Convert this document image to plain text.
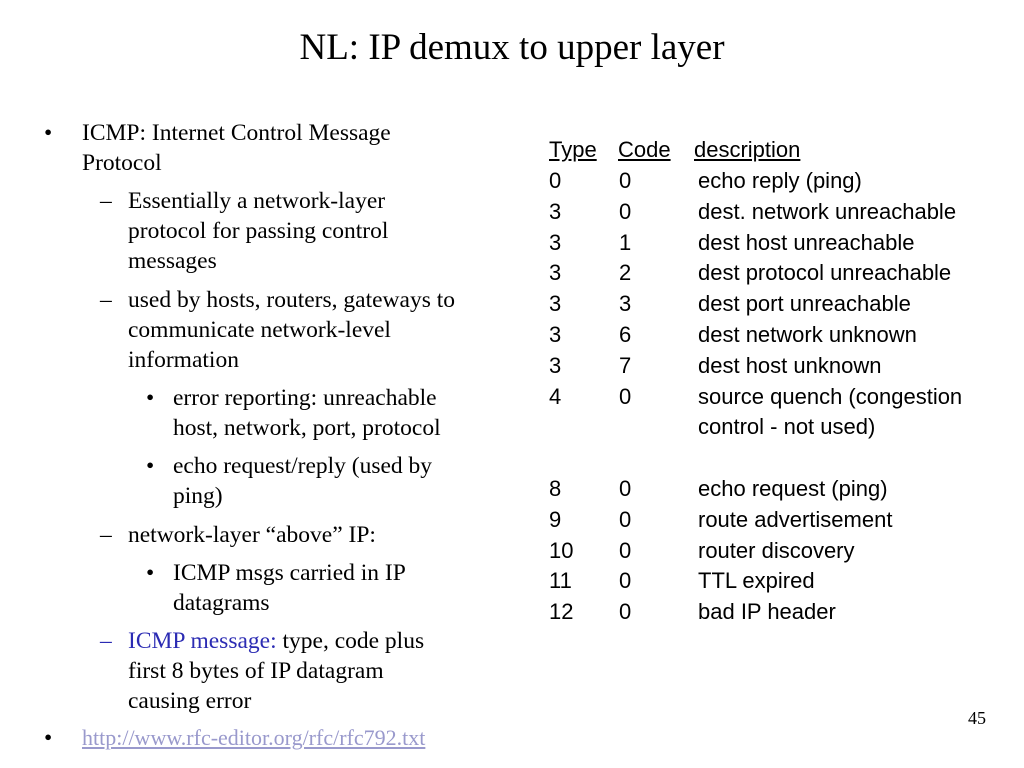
NL: IP demux to upper layer
• ICMP: Internet Control Message
Protocol
– Essentially a network-layer
protocol for passing control
messages
– used by hosts, routers, gateways to
communicate network-level
information
• error reporting: unreachable
host, network, port, protocol
• echo request/reply (used by
ping)
– network-layer “above” IP:
• ICMP msgs carried in IP
datagrams
– ICMP message: type, code plus
first 8 bytes of IP datagram
causing error
• http://www.rfc-editor.org/rfc/rfc792.txt
Type Code description
0	0	echo reply (ping)
3	0	dest. network unreachable
3	1	dest host unreachable
3	2	dest protocol unreachable
3	3	dest port unreachable
3	6	dest network unknown
3	7	dest host unknown
4	0	source quench (congestion
control - not used)
8	0	echo request (ping)
9	0	route advertisement
10 0	router discovery
11 0	TTL expired
12 0	bad IP header
45
